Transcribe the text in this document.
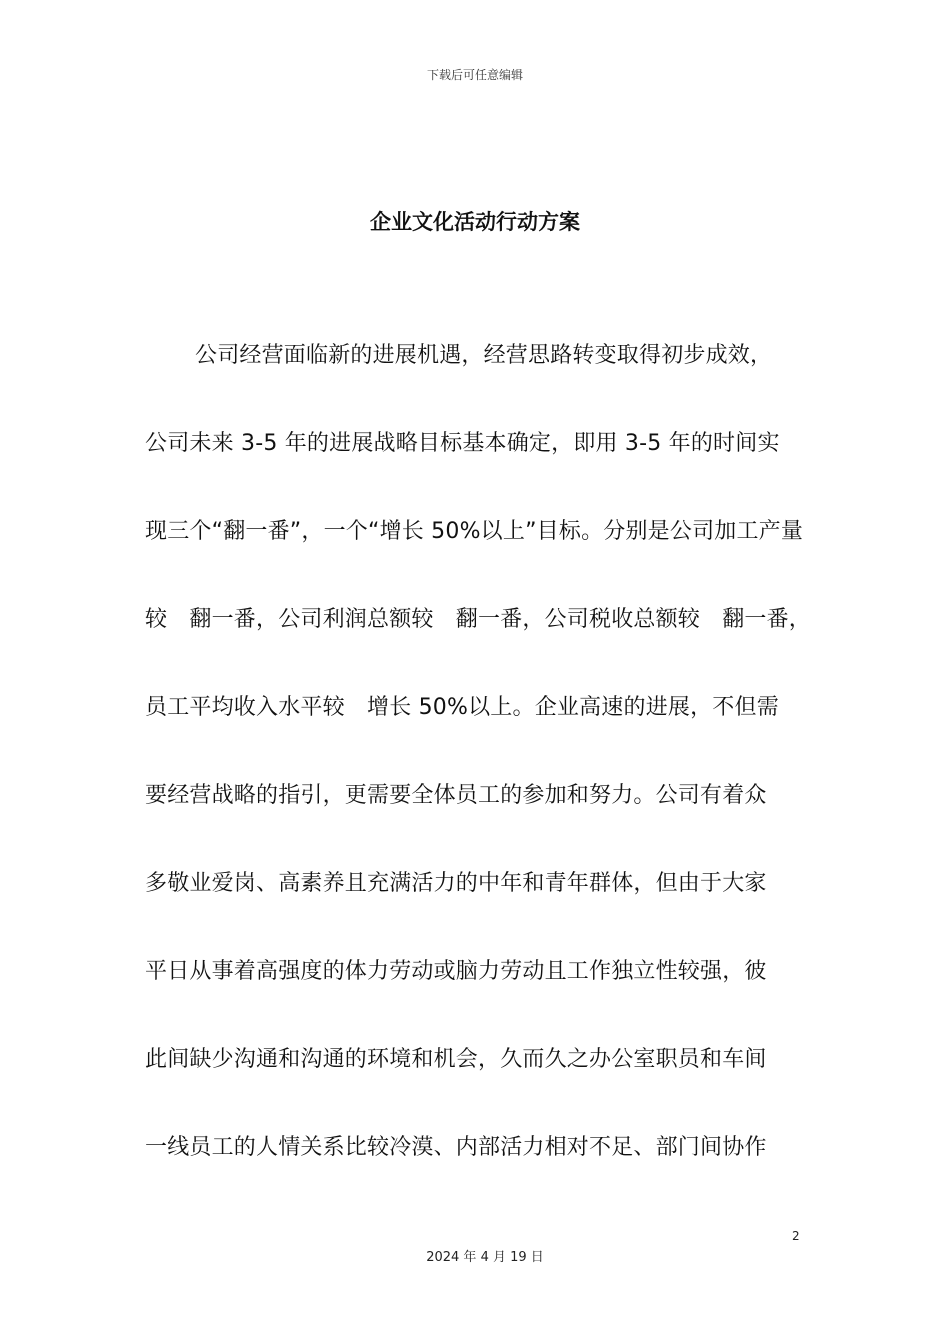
下载后可任意编辑
企业文化活动行动方案
公司经营面临新的进展机遇，经营思路转变取得初步成效，
公司未来 3-5 年的进展战略目标基本确定，即用 3-5 年的时间实
现三个“翻一番”，一个“增长 50%以上”目标。分别是公司加工产量
较　翻一番，公司利润总额较　翻一番，公司税收总额较　翻一番，
员工平均收入水平较　增长 50%以上。企业高速的进展，不但需
要经营战略的指引，更需要全体员工的参加和努力。公司有着众
多敬业爱岗、高素养且充满活力的中年和青年群体，但由于大家
平日从事着高强度的体力劳动或脑力劳动且工作独立性较强，彼
此间缺少沟通和沟通的环境和机会，久而久之办公室职员和车间
一线员工的人情关系比较冷漠、内部活力相对不足、部门间协作
2
2024 年 4 月 19 日
